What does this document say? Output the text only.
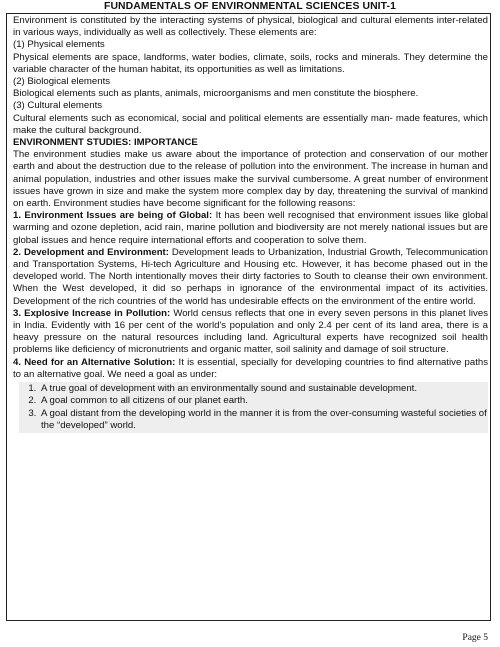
FUNDAMENTALS OF ENVIRONMENTAL SCIENCES UNIT-1

Environment is constituted by the interacting systems of physical, biological and cultural elements inter-related in various ways, individually as well as collectively. These elements are:

(1) Physical elements

Physical elements are space, landforms, water bodies, climate, soils, rocks and minerals. They determine the variable character of the human habitat, its opportunities as well as limitations.

(2) Biological elements

Biological elements such as plants, animals, microorganisms and men constitute the biosphere.

(3) Cultural elements

Cultural elements such as economical, social and political elements are essentially man- made features, which make the cultural background.

ENVIRONMENT STUDIES: IMPORTANCE

The environment studies make us aware about the importance of protection and conservation of our mother earth and about the destruction due to the release of pollution into the environment. The increase in human and animal population, industries and other issues make the survival cumbersome. A great number of environment issues have grown in size and make the system more complex day by day, threatening the survival of mankind on earth. Environment studies have become significant for the following reasons:

1. Environment Issues are being of Global: It has been well recognised that environment issues like global warming and ozone depletion, acid rain, marine pollution and biodiversity are not merely national issues but are global issues and hence require international efforts and cooperation to solve them.

2. Development and Environment: Development leads to Urbanization, Industrial Growth, Telecommunication and Transportation Systems, Hi-tech Agriculture and Housing etc. However, it has become phased out in the developed world. The North intentionally moves their dirty factories to South to cleanse their own environment. When the West developed, it did so perhaps in ignorance of the environmental impact of its activities. Development of the rich countries of the world has undesirable effects on the environment of the entire world.

3. Explosive Increase in Pollution: World census reflects that one in every seven persons in this planet lives in India. Evidently with 16 per cent of the world's population and only 2.4 per cent of its land area, there is a heavy pressure on the natural resources including land. Agricultural experts have recognized soil health problems like deficiency of micronutrients and organic matter, soil salinity and damage of soil structure.

4. Need for an Alternative Solution: It is essential, specially for developing countries to find alternative paths to an alternative goal. We need a goal as under:

1. A true goal of development with an environmentally sound and sustainable development.
2. A goal common to all citizens of our planet earth.
3. A goal distant from the developing world in the manner it is from the over-consuming wasteful societies of the “developed” world.
Page 5
